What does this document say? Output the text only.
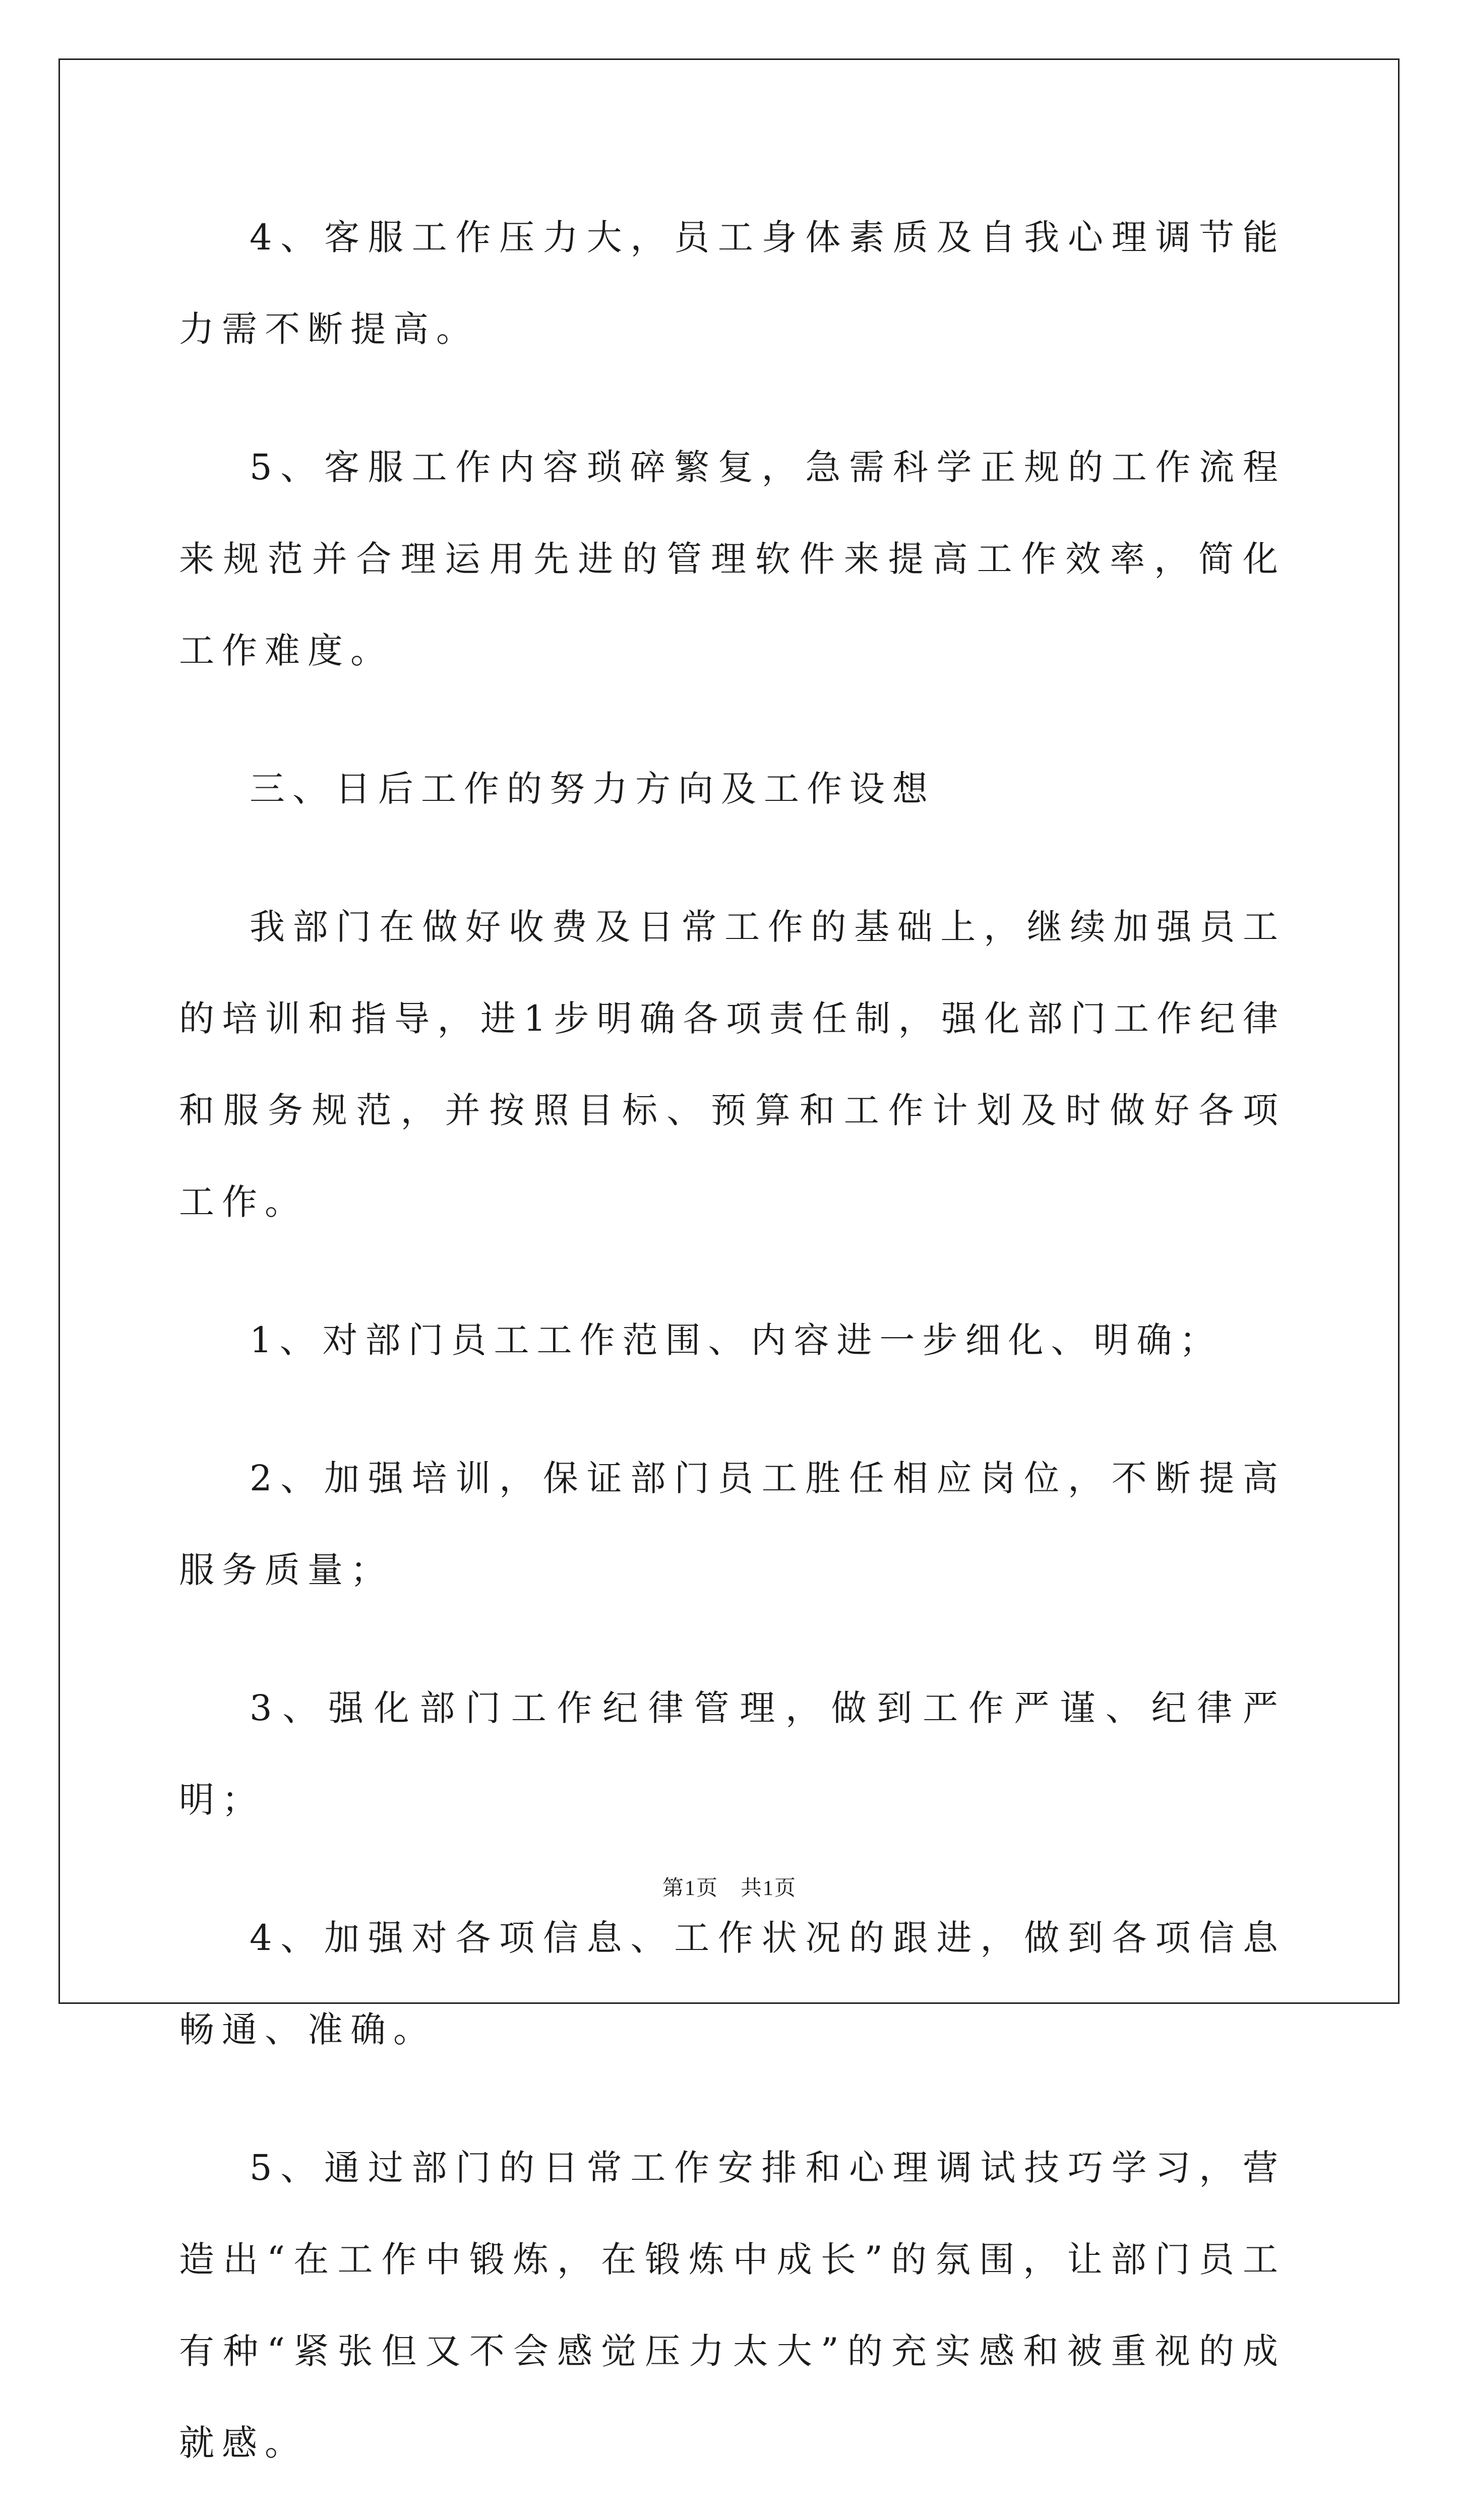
4、客服工作压力大，员工身体素质及自我心理调节能力需不断提高。

5、客服工作内容琐碎繁复，急需科学正规的工作流程来规范并合理运用先进的管理软件来提高工作效率，简化工作难度。

三、日后工作的努力方向及工作设想

我部门在做好收费及日常工作的基础上，继续加强员工的培训和指导，进1步明确各项责任制，强化部门工作纪律和服务规范，并按照目标、预算和工作计划及时做好各项工作。

1、对部门员工工作范围、内容进一步细化、明确；

2、加强培训，保证部门员工胜任相应岗位，不断提高服务质量；

3、强化部门工作纪律管理，做到工作严谨、纪律严明；

4、加强对各项信息、工作状况的跟进，做到各项信息畅通、准确。

5、通过部门的日常工作安排和心理调试技巧学习，营造出“在工作中锻炼，在锻炼中成长”的氛围，让部门员工有种“紧张但又不会感觉压力太大”的充实感和被重视的成就感。

第1页　共1页
